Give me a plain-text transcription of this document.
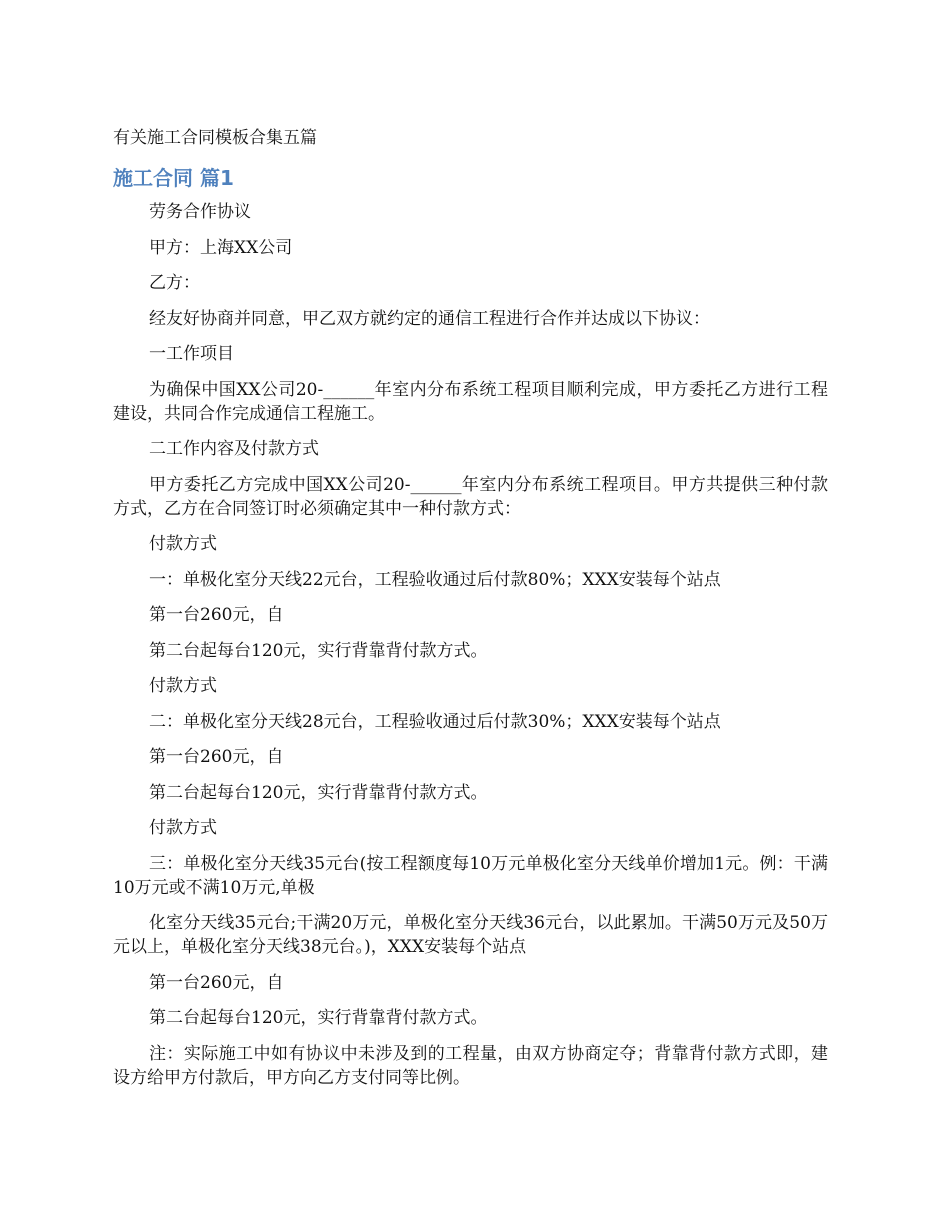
有关施工合同模板合集五篇
施工合同 篇1

劳务合作协议

甲方：上海XX公司

乙方：

经友好协商并同意，甲乙双方就约定的通信工程进行合作并达成以下协议：

一工作项目

为确保中国XX公司20-______年室内分布系统工程项目顺利完成，甲方委托乙方进行工程建设，共同合作完成通信工程施工。

二工作内容及付款方式

甲方委托乙方完成中国XX公司20-______年室内分布系统工程项目。甲方共提供三种付款方式，乙方在合同签订时必须确定其中一种付款方式：

付款方式

一：单极化室分天线22元台，工程验收通过后付款80%；XXX安装每个站点

第一台260元，自

第二台起每台120元，实行背靠背付款方式。

付款方式

二：单极化室分天线28元台，工程验收通过后付款30%；XXX安装每个站点

第一台260元，自

第二台起每台120元，实行背靠背付款方式。

付款方式

三：单极化室分天线35元台(按工程额度每10万元单极化室分天线单价增加1元。例：干满10万元或不满10万元,单极

化室分天线35元台;干满20万元，单极化室分天线36元台，以此累加。干满50万元及50万元以上，单极化室分天线38元台。)，XXX安装每个站点

第一台260元，自

第二台起每台120元，实行背靠背付款方式。

注：实际施工中如有协议中未涉及到的工程量，由双方协商定夺；背靠背付款方式即，建设方给甲方付款后，甲方向乙方支付同等比例。
